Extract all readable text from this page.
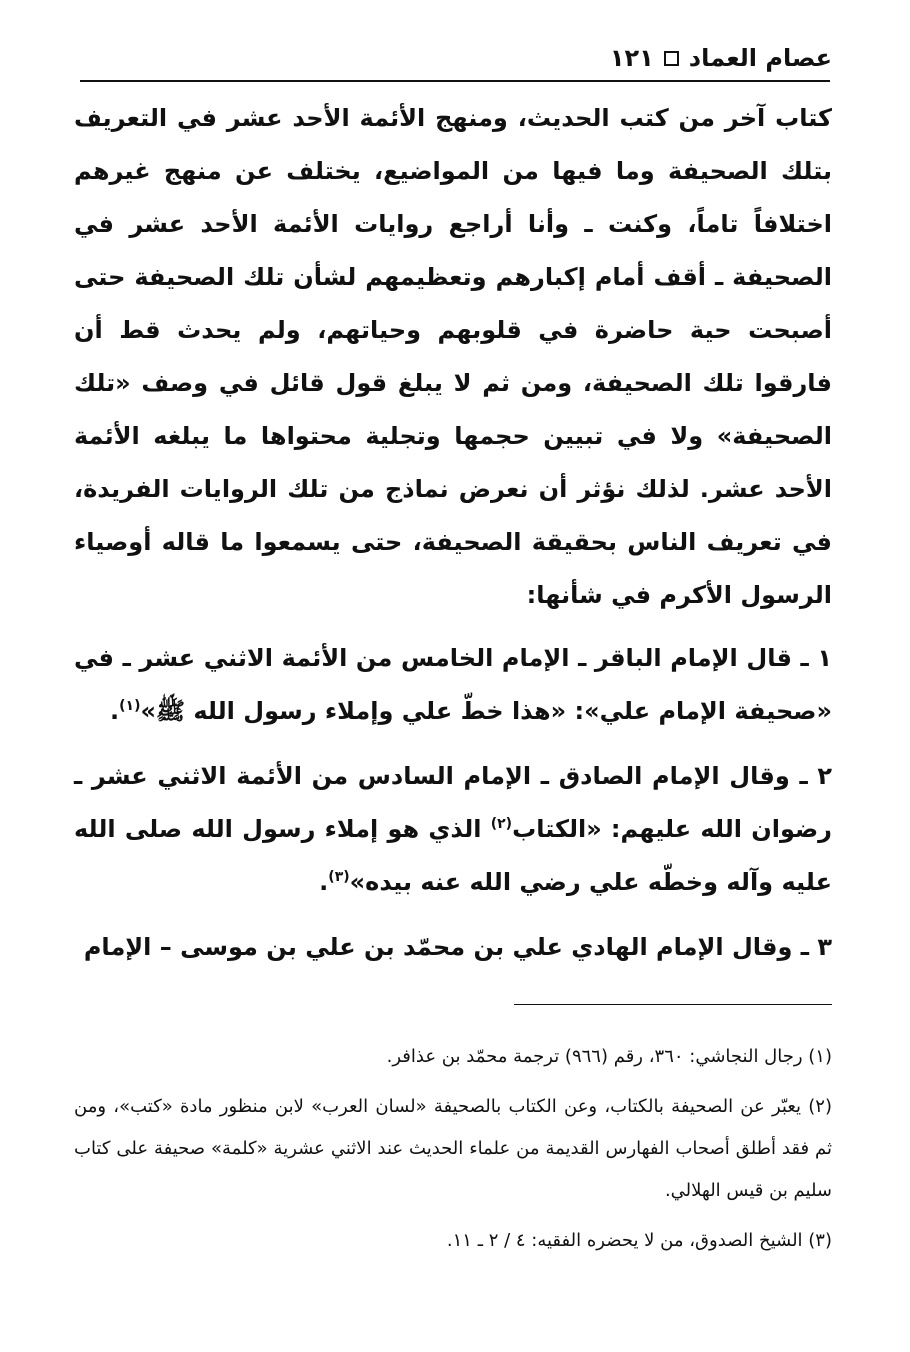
عصام العماد
١٢١

كتاب آخر من كتب الحديث، ومنهج الأئمة الأحد عشر في التعريف بتلك الصحيفة وما فيها من المواضيع، يختلف عن منهج غيرهم اختلافاً تاماً، وكنت ـ وأنا أراجع روايات الأئمة الأحد عشر في الصحيفة ـ أقف أمام إكبارهم وتعظيمهم لشأن تلك الصحيفة حتى أصبحت حية حاضرة في قلوبهم وحياتهم، ولم يحدث قط أن فارقوا تلك الصحيفة، ومن ثم لا يبلغ قول قائل في وصف «تلك الصحيفة» ولا في تبيين حجمها وتجلية محتواها ما يبلغه الأئمة الأحد عشر. لذلك نؤثر أن نعرض نماذج من تلك الروايات الفريدة، في تعريف الناس بحقيقة الصحيفة، حتى يسمعوا ما قاله أوصياء الرسول الأكرم في شأنها:

١ ـ قال الإمام الباقر ـ الإمام الخامس من الأئمة الاثني عشر ـ في «صحيفة الإمام علي»: «هذا خطّ علي وإملاء رسول الله ﷺ»$^{(١)}$.

٢ ـ وقال الإمام الصادق ـ الإمام السادس من الأئمة الاثني عشر ـ رضوان الله عليهم: «الكتاب$^{(٢)}$ الذي هو إملاء رسول الله صلى الله عليه وآله وخطّه علي رضي الله عنه بيده»$^{(٣)}$.

٣ ـ وقال الإمام الهادي علي بن محمّد بن علي بن موسى – الإمام

(١) رجال النجاشي: ٣٦٠، رقم (٩٦٦) ترجمة محمّد بن عذافر.

(٢) يعبّر عن الصحيفة بالكتاب، وعن الكتاب بالصحيفة «لسان العرب» لابن منظور مادة «كتب»، ومن ثم فقد أطلق أصحاب الفهارس القديمة من علماء الحديث عند الاثني عشرية «كلمة» صحيفة على كتاب سليم بن قيس الهلالي.

(٣) الشيخ الصدوق، من لا يحضره الفقيه: ٤ / ٢ ـ ١١.
